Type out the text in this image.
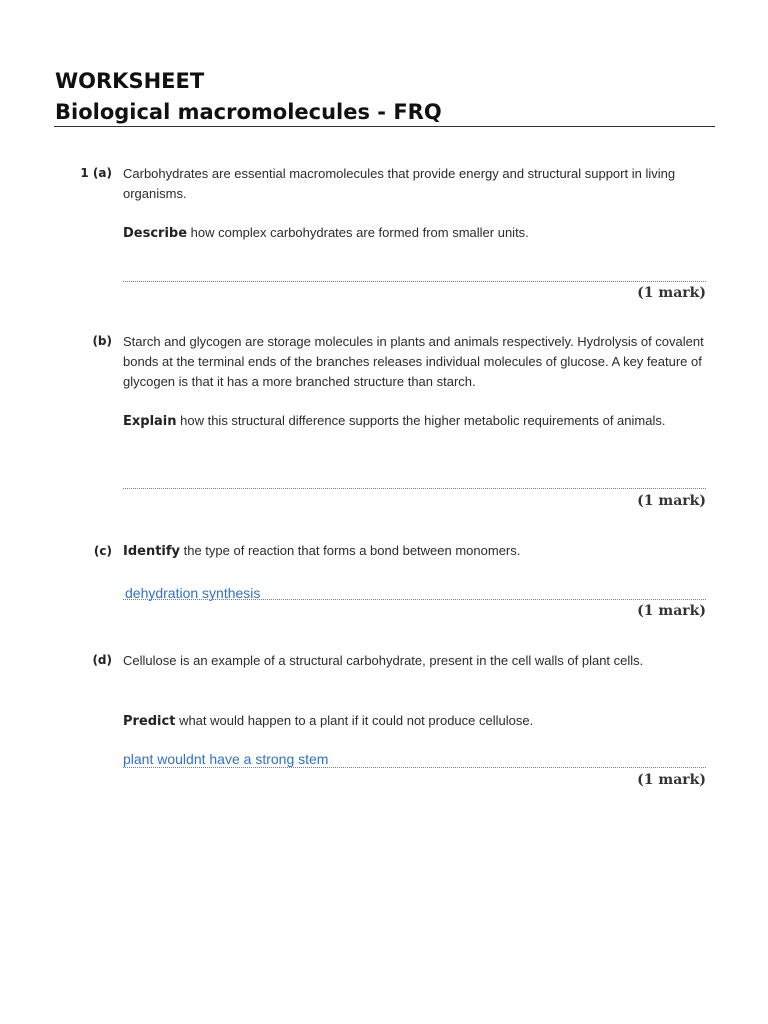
WORKSHEET
Biological macromolecules - FRQ
1 (a) Carbohydrates are essential macromolecules that provide energy and structural support in living organisms.
Describe how complex carbohydrates are formed from smaller units.
(1 mark)
(b) Starch and glycogen are storage molecules in plants and animals respectively. Hydrolysis of covalent bonds at the terminal ends of the branches releases individual molecules of glucose. A key feature of glycogen is that it has a more branched structure than starch.
Explain how this structural difference supports the higher metabolic requirements of animals.
(1 mark)
(c) Identify the type of reaction that forms a bond between monomers.
dehydration synthesis
(1 mark)
(d) Cellulose is an example of a structural carbohydrate, present in the cell walls of plant cells.
Predict what would happen to a plant if it could not produce cellulose.
plant wouldnt have a strong stem
(1 mark)
